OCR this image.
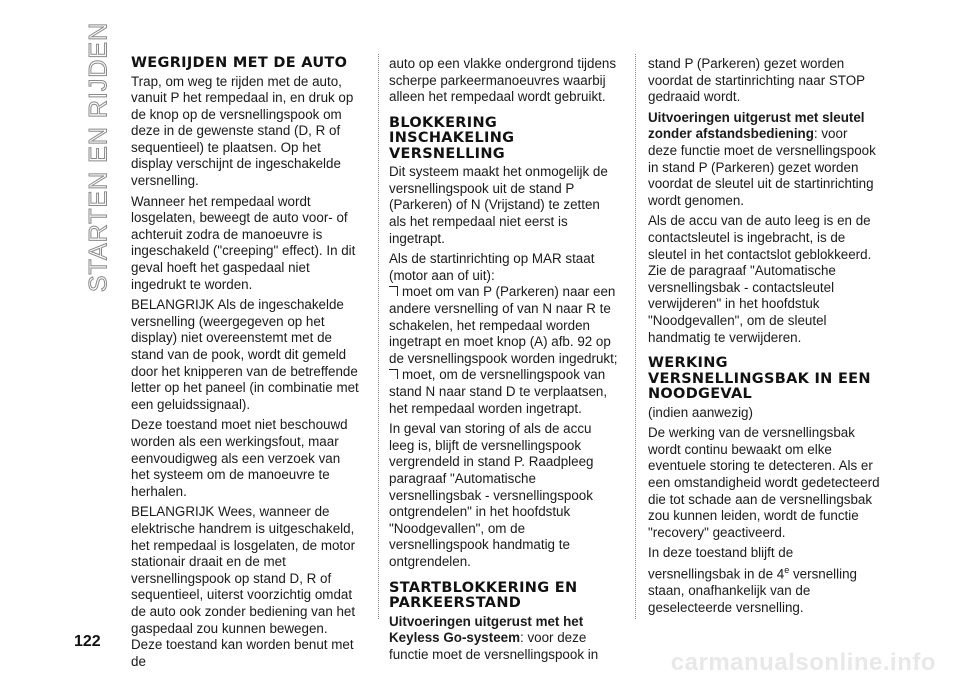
STARTEN EN RIJDEN WEGRIJDEN MET DE AUTO

Trap, om weg te rijden met de auto, vanuit P het rempedaal in, en druk op de knop op de versnellingspook om deze in de gewenste stand (D, R of sequentieel) te plaatsen. Op het display verschijnt de ingeschakelde versnelling.

Wanneer het rempedaal wordt losgelaten, beweegt de auto voor- of achteruit zodra de manoeuvre is ingeschakeld ("creeping" effect). In dit geval hoeft het gaspedaal niet ingedrukt te worden.

BELANGRIJK Als de ingeschakelde versnelling (weergegeven op het display) niet overeenstemt met de stand van de pook, wordt dit gemeld door het knipperen van de betreffende letter op het paneel (in combinatie met een geluidssignaal).

Deze toestand moet niet beschouwd worden als een werkingsfout, maar eenvoudigweg als een verzoek van het systeem om de manoeuvre te herhalen.

BELANGRIJK Wees, wanneer de elektrische handrem is uitgeschakeld, het rempedaal is losgelaten, de motor stationair draait en de met versnellingspook op stand D, R of sequentieel, uiterst voorzichtig omdat de auto ook zonder bediening van het gaspedaal zou kunnen bewegen. Deze toestand kan worden benut met de

auto op een vlakke ondergrond tijdens scherpe parkeermanoeuvres waarbij alleen het rempedaal wordt gebruikt.

BLOKKERING INSCHAKELING VERSNELLING

Dit systeem maakt het onmogelijk de versnellingspook uit de stand P (Parkeren) of N (Vrijstand) te zetten als het rempedaal niet eerst is ingetrapt.

Als de startinrichting op MAR staat (motor aan of uit):

moet om van P (Parkeren) naar een andere versnelling of van N naar R te schakelen, het rempedaal worden ingetrapt en moet knop (A) afb. 92 op de versnellingspook worden ingedrukt;

moet, om de versnellingspook van stand N naar stand D te verplaatsen, het rempedaal worden ingetrapt.

In geval van storing of als de accu leeg is, blijft de versnellingspook vergrendeld in stand P. Raadpleeg paragraaf "Automatische versnellingsbak - versnellingspook ontgrendelen" in het hoofdstuk "Noodgevallen", om de versnellingspook handmatig te ontgrendelen.

STARTBLOKKERING EN PARKEERSTAND

Uitvoeringen uitgerust met het Keyless Go-systeem: voor deze functie moet de versnellingspook in

stand P (Parkeren) gezet worden voordat de startinrichting naar STOP gedraaid wordt.

Uitvoeringen uitgerust met sleutel zonder afstandsbediening: voor deze functie moet de versnellingspook in stand P (Parkeren) gezet worden voordat de sleutel uit de startinrichting wordt genomen.

Als de accu van de auto leeg is en de contactsleutel is ingebracht, is de sleutel in het contactslot geblokkeerd. Zie de paragraaf "Automatische versnellingsbak - contactsleutel verwijderen" in het hoofdstuk "Noodgevallen", om de sleutel handmatig te verwijderen.

WERKING VERSNELLINGSBAK IN EEN NOODGEVAL

(indien aanwezig)

De werking van de versnellingsbak wordt continu bewaakt om elke eventuele storing te detecteren. Als er een omstandigheid wordt gedetecteerd die tot schade aan de versnellingsbak zou kunnen leiden, wordt de functie "recovery" geactiveerd.

In deze toestand blijft de versnellingsbak in de 4e versnelling staan, onafhankelijk van de geselecteerde versnelling.

122
carmanualsonline.info
